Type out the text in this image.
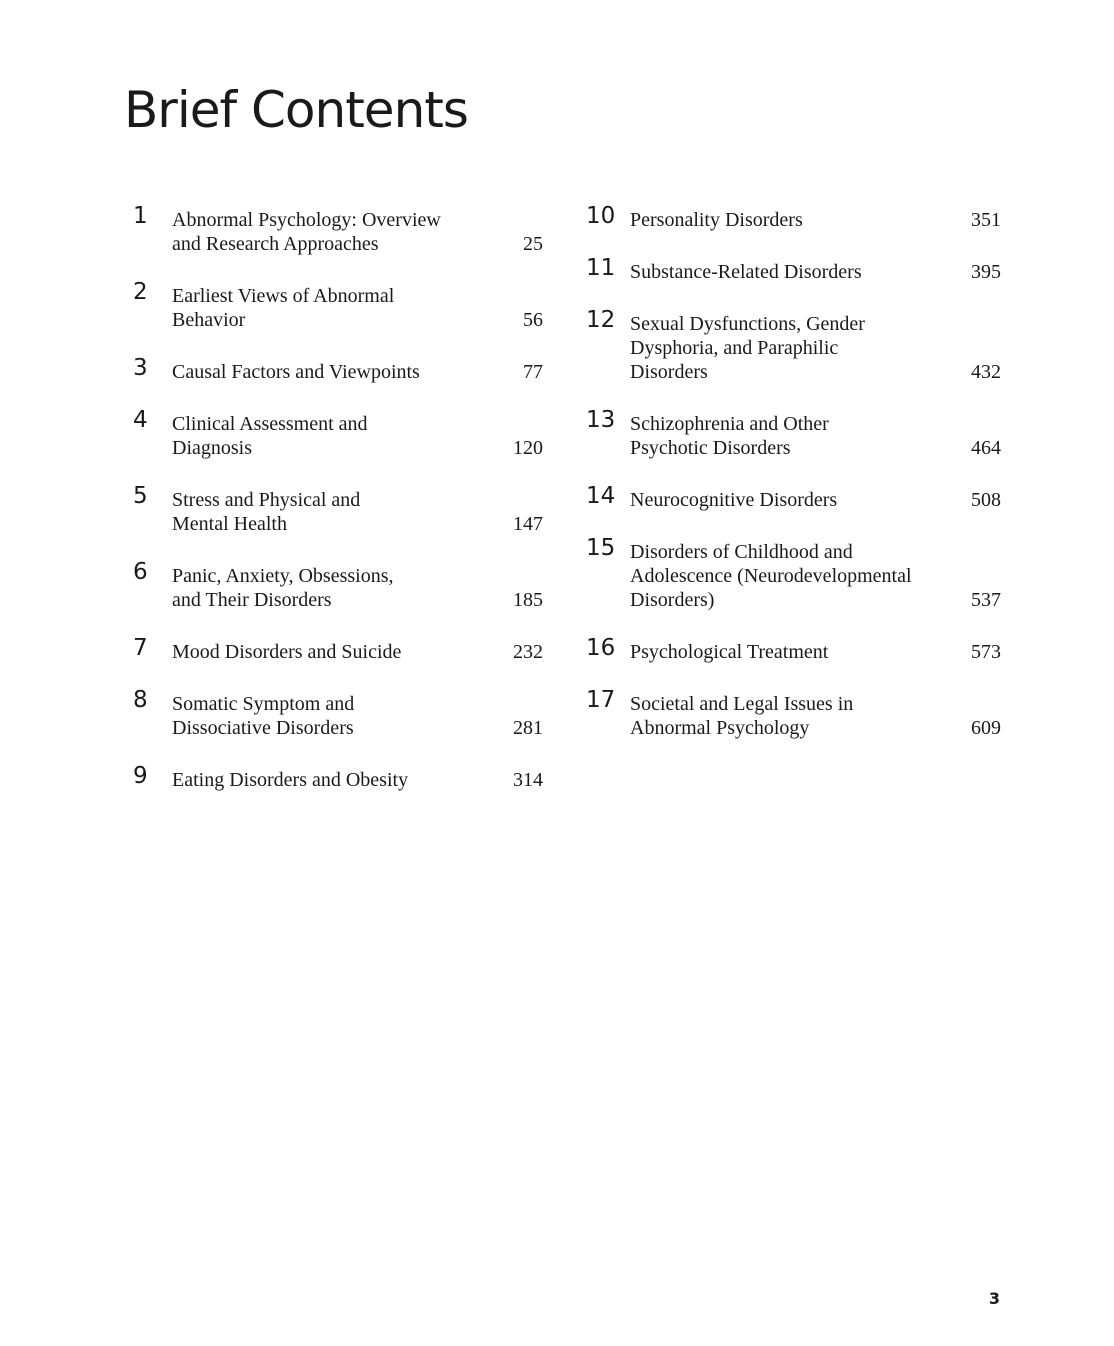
Brief Contents
1	Abnormal Psychology: Overview
and Research Approaches	25
2	Earliest Views of Abnormal
Behavior	56
3	Causal Factors and Viewpoints	77
4	Clinical Assessment and
Diagnosis	120
5	Stress and Physical and
Mental Health	147
6	Panic, Anxiety, Obsessions,
and Their Disorders	185
7	Mood Disorders and Suicide	232
8	Somatic Symptom and
Dissociative Disorders	281
9	Eating Disorders and Obesity	314
10 Personality Disorders	351
11 Substance-Related Disorders	395
12 Sexual Dysfunctions, Gender
Dysphoria, and Paraphilic
Disorders	432
13 Schizophrenia and Other
Psychotic Disorders	464
14 Neurocognitive Disorders	508
15 Disorders of Childhood and
Adolescence (Neurodevelopmental
Disorders)	537
16 Psychological Treatment	573
17 Societal and Legal Issues in
Abnormal Psychology	609
3
